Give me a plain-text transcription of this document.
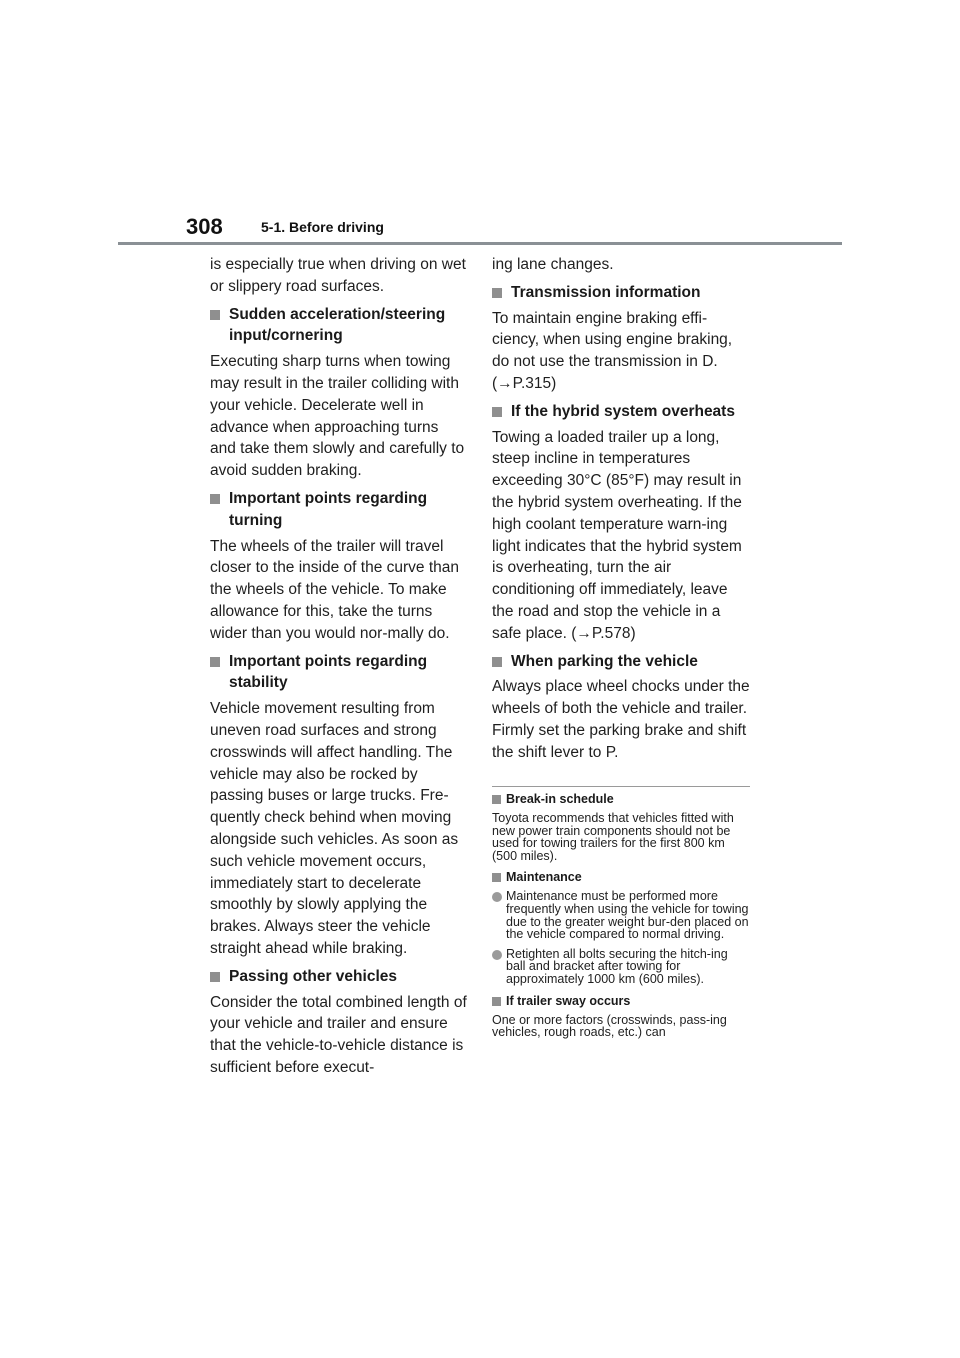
308	5-1. Before driving

is especially true when driving on wet or slippery road surfaces.

Sudden acceleration/steering input/cornering

Executing sharp turns when towing may result in the trailer colliding with your vehicle. Decelerate well in advance when approaching turns and take them slowly and carefully to avoid sudden braking.

Important points regarding turning

The wheels of the trailer will travel closer to the inside of the curve than the wheels of the vehicle. To make allowance for this, take the turns wider than you would nor-mally do.

Important points regarding stability

Vehicle movement resulting from uneven road surfaces and strong crosswinds will affect handling. The vehicle may also be rocked by passing buses or large trucks. Fre-quently check behind when moving alongside such vehicles. As soon as such vehicle movement occurs, immediately start to decelerate smoothly by slowly applying the brakes. Always steer the vehicle straight ahead while braking.

Passing other vehicles

Consider the total combined length of your vehicle and trailer and ensure that the vehicle-to-vehicle distance is sufficient before execut-

ing lane changes.

Transmission information

To maintain engine braking effi-ciency, when using engine braking, do not use the transmission in D. (→P.315)

If the hybrid system overheats

Towing a loaded trailer up a long, steep incline in temperatures exceeding 30°C (85°F) may result in the hybrid system overheating. If the high coolant temperature warn-ing light indicates that the hybrid system is overheating, turn the air conditioning off immediately, leave the road and stop the vehicle in a safe place. (→P.578)

When parking the vehicle

Always place wheel chocks under the wheels of both the vehicle and trailer. Firmly set the parking brake and shift the shift lever to P.

Break-in schedule

Toyota recommends that vehicles fitted with new power train components should not be used for towing trailers for the first 800 km (500 miles).

Maintenance

Maintenance must be performed more frequently when using the vehicle for towing due to the greater weight bur-den placed on the vehicle compared to normal driving.

Retighten all bolts securing the hitch-ing ball and bracket after towing for approximately 1000 km (600 miles).

If trailer sway occurs

One or more factors (crosswinds, pass-ing vehicles, rough roads, etc.) can
